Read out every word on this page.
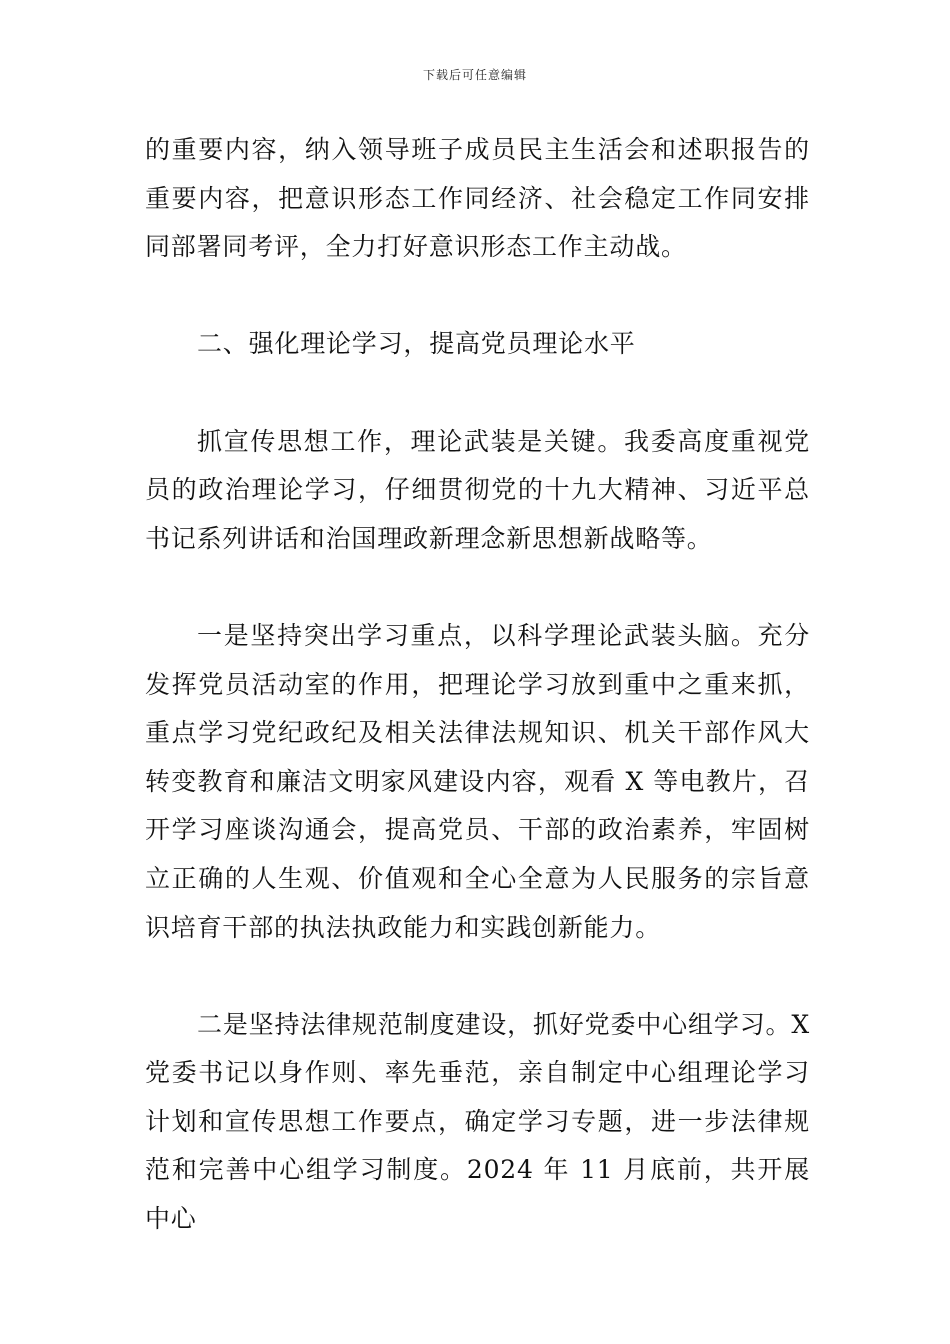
下载后可任意编辑

的重要内容，纳入领导班子成员民主生活会和述职报告的重要内容，把意识形态工作同经济、社会稳定工作同安排同部署同考评，全力打好意识形态工作主动战。

二、强化理论学习，提高党员理论水平

抓宣传思想工作，理论武装是关键。我委高度重视党员的政治理论学习，仔细贯彻党的十九大精神、习近平总书记系列讲话和治国理政新理念新思想新战略等。

一是坚持突出学习重点，以科学理论武装头脑。充分发挥党员活动室的作用，把理论学习放到重中之重来抓，重点学习党纪政纪及相关法律法规知识、机关干部作风大转变教育和廉洁文明家风建设内容，观看 X 等电教片，召开学习座谈沟通会，提高党员、干部的政治素养，牢固树立正确的人生观、价值观和全心全意为人民服务的宗旨意识培育干部的执法执政能力和实践创新能力。

二是坚持法律规范制度建设，抓好党委中心组学习。X党委书记以身作则、率先垂范，亲自制定中心组理论学习计划和宣传思想工作要点，确定学习专题，进一步法律规范和完善中心组学习制度。2024 年 11 月底前，共开展中心
